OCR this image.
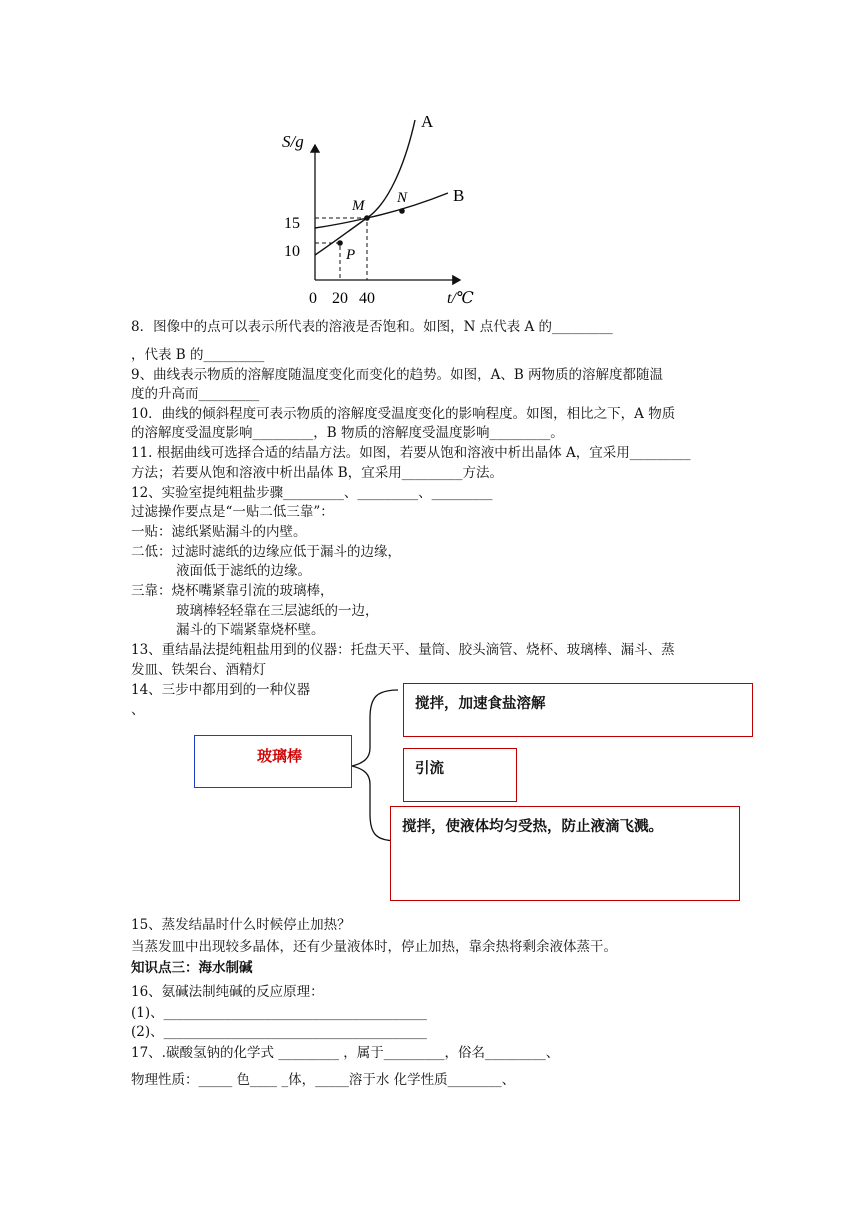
S/g
t/℃
15
10
0 20 40
A
B
M N
P
8．图像中的点可以表示所代表的溶液是否饱和。如图，N 点代表 A 的_________
，代表 B 的_________
9、曲线表示物质的溶解度随温度变化而变化的趋势。如图，A、B 两物质的溶解度都随温
度的升高而_________
10．曲线的倾斜程度可表示物质的溶解度受温度变化的影响程度。如图，相比之下，A 物质
的溶解度受温度影响_________，B 物质的溶解度受温度影响_________。
11. 根据曲线可选择合适的结晶方法。如图，若要从饱和溶液中析出晶体 A，宜采用_________
方法；若要从饱和溶液中析出晶体 B，宜采用_________方法。
12、实验室提纯粗盐步骤_________、_________、_________
过滤操作要点是“一贴二低三靠”：
一贴：滤纸紧贴漏斗的内壁。
二低：过滤时滤纸的边缘应低于漏斗的边缘，
液面低于滤纸的边缘。
三靠：烧杯嘴紧靠引流的玻璃棒，
玻璃棒轻轻靠在三层滤纸的一边，
漏斗的下端紧靠烧杯壁。
13、重结晶法提纯粗盐用到的仪器：托盘天平、量筒、胶头滴管、烧杯、玻璃棒、漏斗、蒸
发皿、铁架台、酒精灯
14、三步中都用到的一种仪器
、
玻璃棒
搅拌，加速食盐溶解
引流
搅拌，使液体均匀受热，防止液滴飞溅。
15、蒸发结晶时什么时候停止加热？
当蒸发皿中出现较多晶体，还有少量液体时，停止加热，靠余热将剩余液体蒸干。
知识点三：海水制碱
16、氨碱法制纯碱的反应原理：
(1)、_______________________________________
(2)、_______________________________________
17、.碳酸氢钠的化学式 _________ ，属于_________，俗名_________、
物理性质：_____ 色____ _体，_____溶于水 化学性质________、
